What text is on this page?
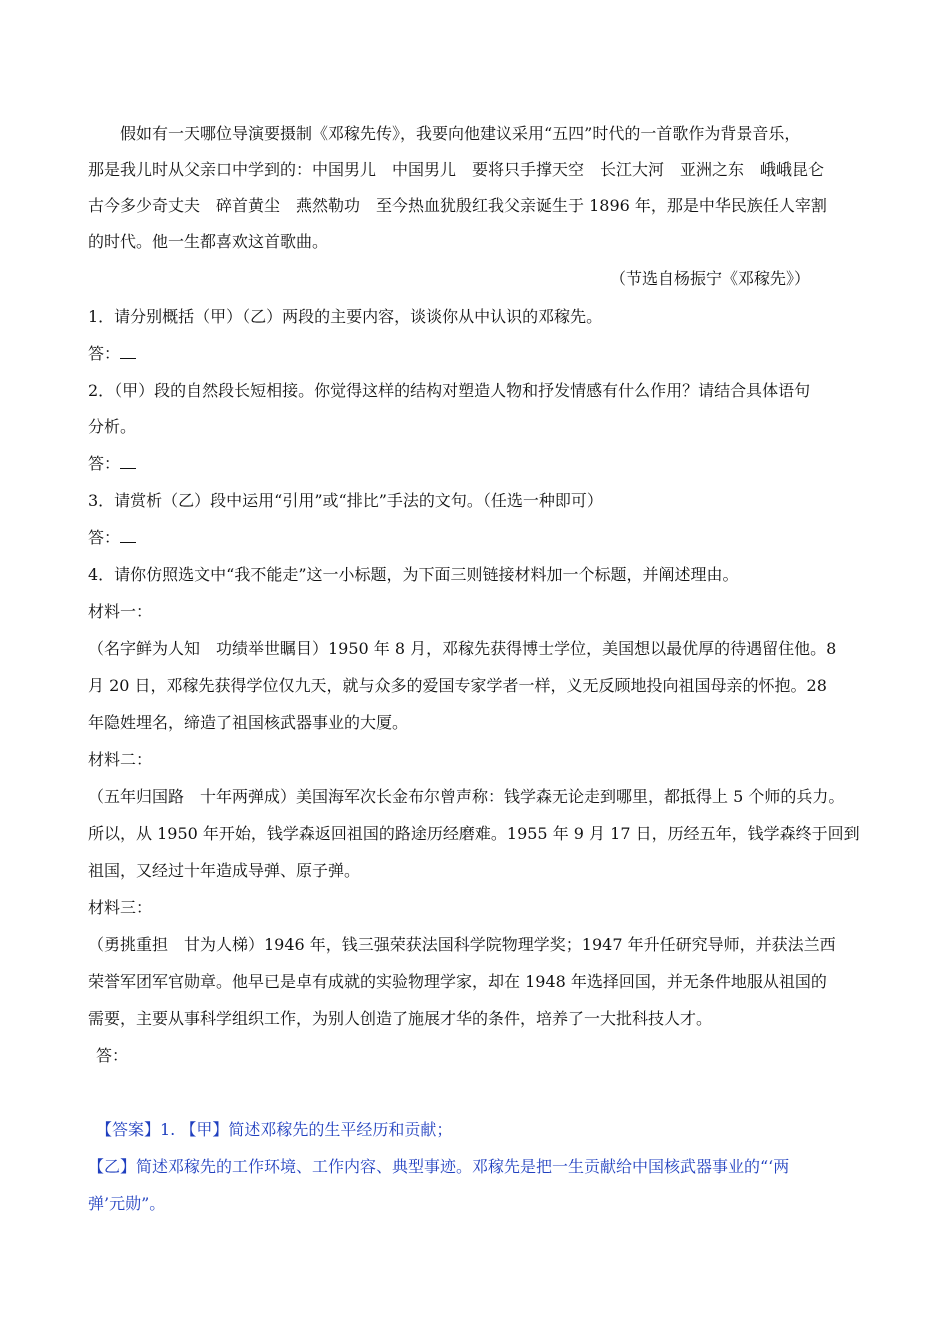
假如有一天哪位导演要摄制《邓稼先传》，我要向他建议采用“五四”时代的一首歌作为背景音乐，
那是我儿时从父亲口中学到的：中国男儿　中国男儿　要将只手撑天空　长江大河　亚洲之东　峨峨昆仑
古今多少奇丈夫　碎首黄尘　燕然勒功　至今热血犹殷红我父亲诞生于 1896 年，那是中华民族任人宰割
的时代。他一生都喜欢这首歌曲。
（节选自杨振宁《邓稼先》）
1．请分别概括（甲）（乙）两段的主要内容，谈谈你从中认识的邓稼先。
答：
2．（甲）段的自然段长短相接。你觉得这样的结构对塑造人物和抒发情感有什么作用？请结合具体语句
分析。
答：
3．请赏析（乙）段中运用“引用”或“排比”手法的文句。（任选一种即可）
答：
4．请你仿照选文中“我不能走”这一小标题，为下面三则链接材料加一个标题，并阐述理由。
材料一：
（名字鲜为人知　功绩举世瞩目）1950 年 8 月，邓稼先获得博士学位，美国想以最优厚的待遇留住他。8
月 20 日，邓稼先获得学位仅九天，就与众多的爱国专家学者一样，义无反顾地投向祖国母亲的怀抱。28
年隐姓埋名，缔造了祖国核武器事业的大厦。
材料二：
（五年归国路　十年两弹成）美国海军次长金布尔曾声称：钱学森无论走到哪里，都抵得上 5 个师的兵力。
所以，从 1950 年开始，钱学森返回祖国的路途历经磨难。1955 年 9 月 17 日，历经五年，钱学森终于回到
祖国，又经过十年造成导弹、原子弹。
材料三：
（勇挑重担　甘为人梯）1946 年，钱三强荣获法国科学院物理学奖；1947 年升任研究导师，并获法兰西
荣誉军团军官勋章。他早已是卓有成就的实验物理学家，却在 1948 年选择回国，并无条件地服从祖国的
需要，主要从事科学组织工作，为别人创造了施展才华的条件，培养了一大批科技人才。
答：
【答案】1. 【甲】简述邓稼先的生平经历和贡献；
【乙】简述邓稼先的工作环境、工作内容、典型事迹。邓稼先是把一生贡献给中国核武器事业的“‘两
弹’元勋”。
